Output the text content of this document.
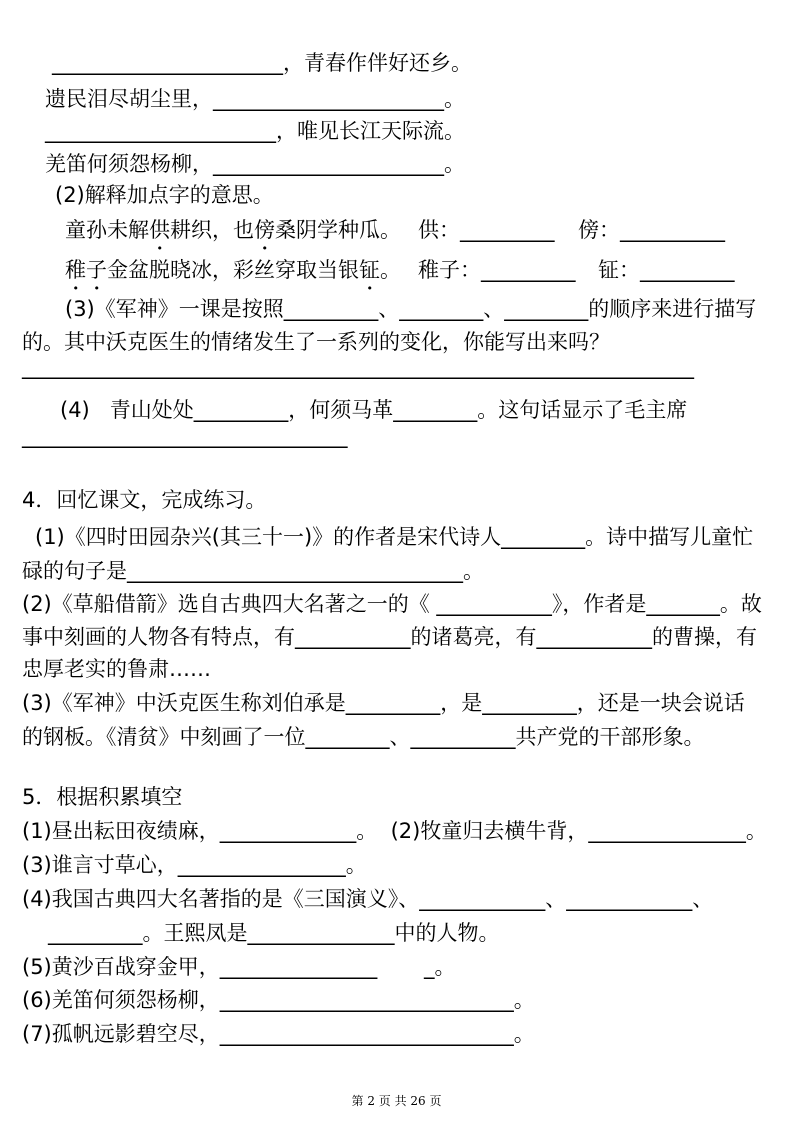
______________________，青春作伴好还乡。
遗民泪尽胡尘里，______________________。
______________________，唯见长江天际流。
羌笛何须怨杨柳，______________________。
(2)解释加点字的意思。
童孙未解 供 耕织，也 傍 桑阴学种瓜。 供： _________ 傍： __________
稚子 金盆脱晓冰，彩丝穿取当银 钲 。 稚子： _________ 钲： _________
(3)《军神》一课是按照_________、________、________的顺序来进行描写
的。其中沃克医生的情绪发生了一系列的变化，你能写出来吗？
________________________________________________________________
(4)   青山处处_________，何须马革________。这句话显示了毛主席
_______________________________
4．回忆课文，完成练习。
(1)《四时田园杂兴(其三十一)》的作者是宋代诗人________。诗中描写儿童忙
碌的句子是________________________________。
(2)《草船借箭》选自古典四大名著之一的《 ___________》，作者是_______。故
事中刻画的人物各有特点，有___________的诸葛亮，有___________的曹操，有
忠厚老实的鲁肃……
(3)《军神》中沃克医生称刘伯承是_________，是_________，还是一块会说话
的钢板。《清贫》中刻画了一位________、__________共产党的干部形象。
5．根据积累填空
(1)昼出耘田夜绩麻，_____________。  (2)牧童归去横牛背，_______________。
(3)谁言寸草心，________________。
(4)我国古典四大名著指的是《三国演义》、____________、____________、
_________。王熙凤是______________中的人物。
(5)黄沙百战穿金甲，_______________       _。
(6)羌笛何须怨杨柳，____________________________。
(7)孤帆远影碧空尽，____________________________。
第 2 页 共 26 页
